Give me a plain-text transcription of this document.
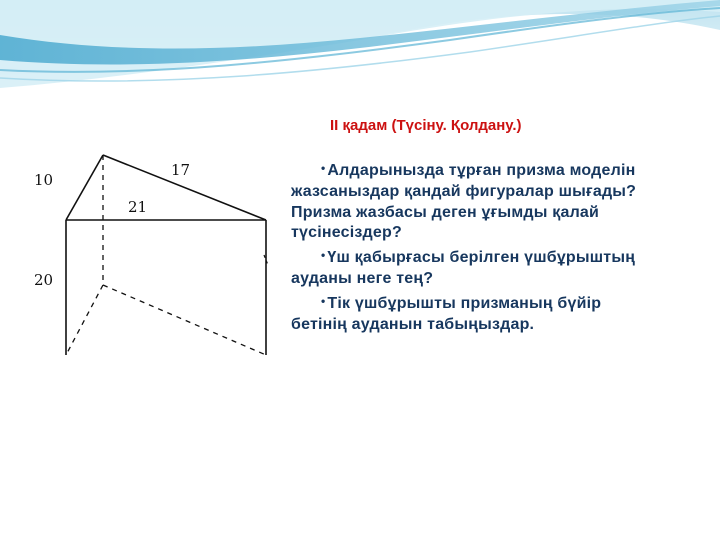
10
17
21
20
II қадам (Түсіну. Қолдану.)

• Алдарынызда тұрған призма моделін жазсаныздар қандай фигуралар шығады? Призма жазбасы деген ұғымды қалай түсінесіздер?

• Үш қабырғасы берілген үшбұрыштың ауданы неге тең?

• Тік үшбұрышты призманың бүйір бетінің ауданын табыңыздар.
